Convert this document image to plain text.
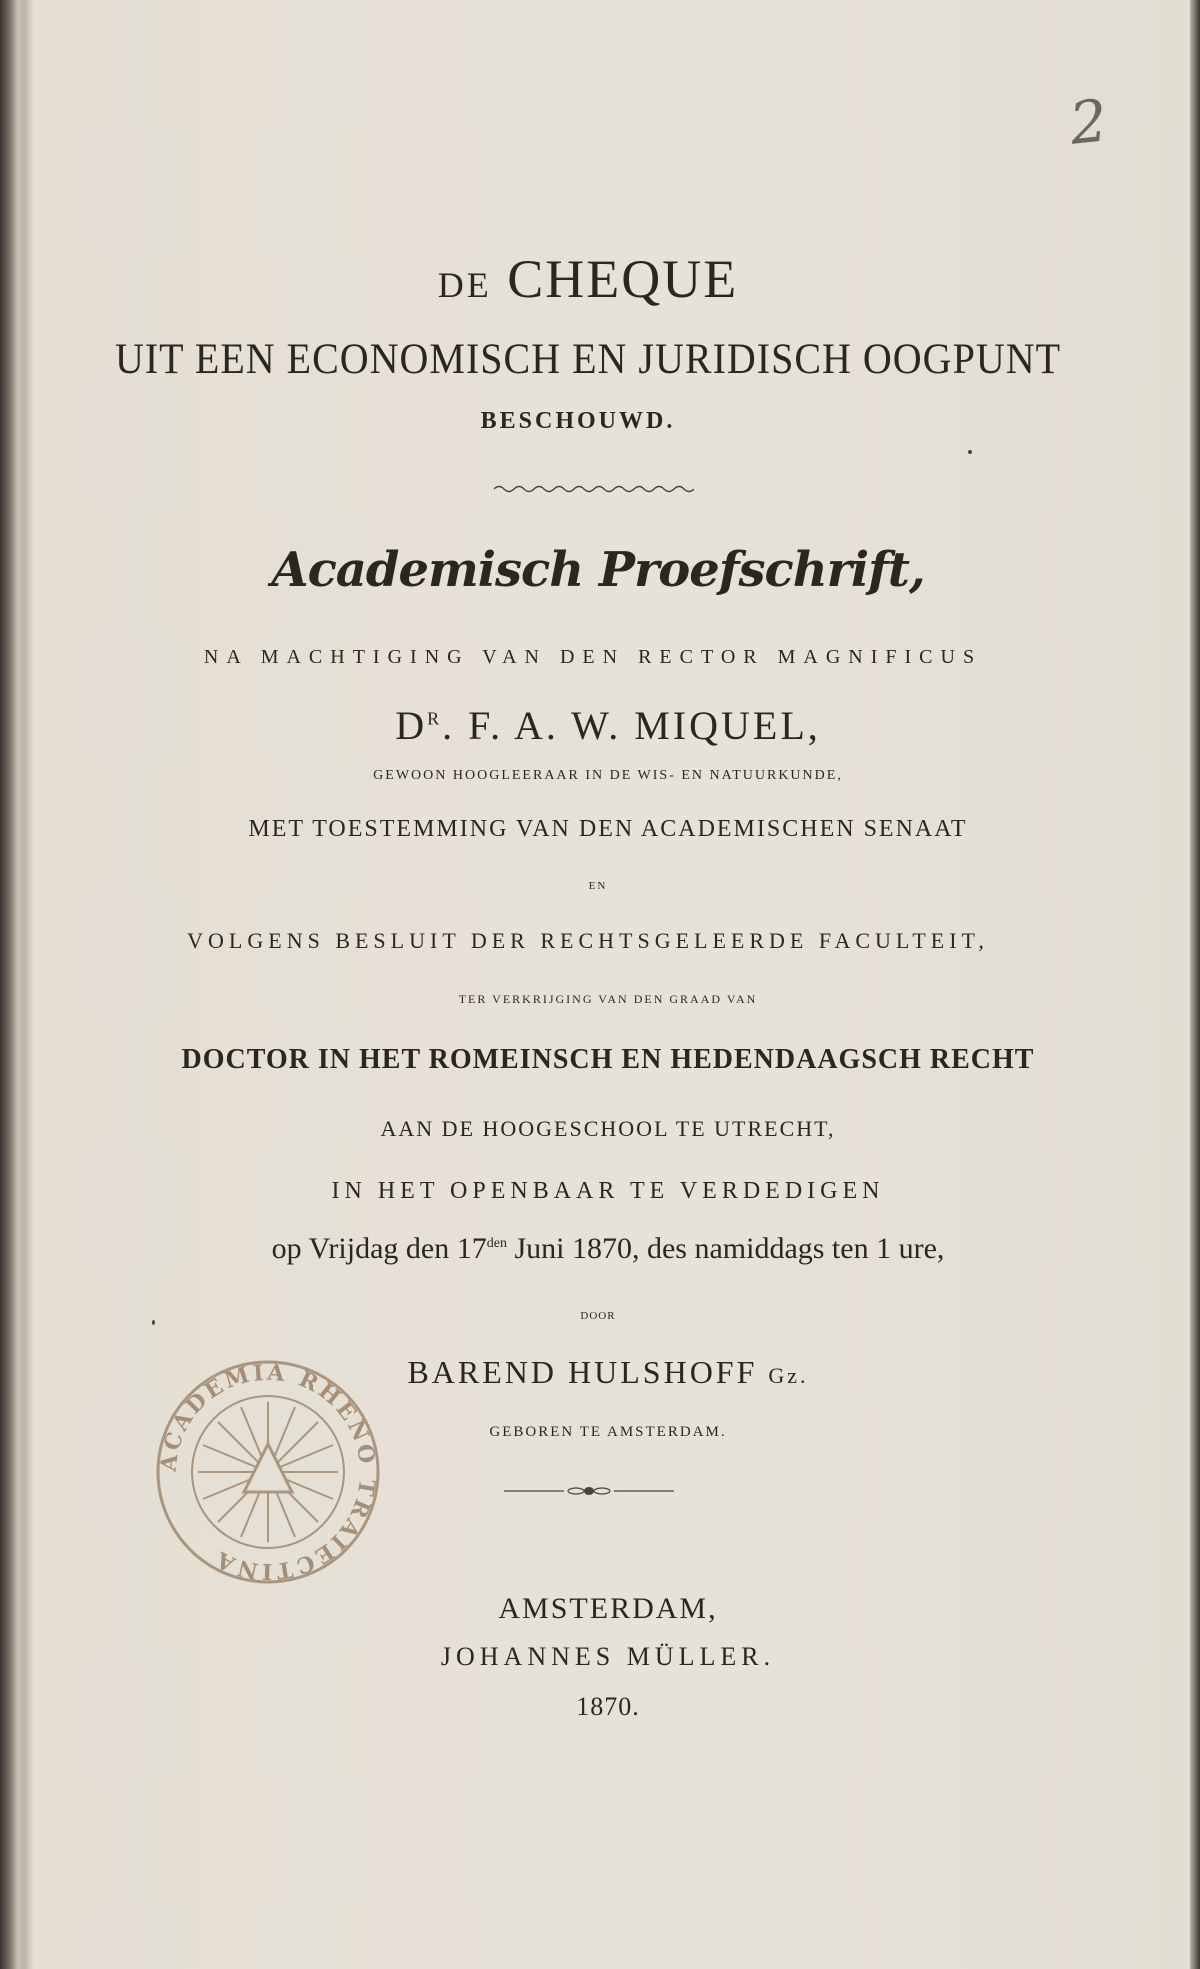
2
DE CHEQUE
UIT EEN ECONOMISCH EN JURIDISCH OOGPUNT
BESCHOUWD.
Academisch Proefschrift,
NA MACHTIGING VAN DEN RECTOR MAGNIFICUS
$D^R$. F. A. W. MIQUEL,
GEWOON HOOGLEERAAR IN DE WIS- EN NATUURKUNDE,
MET TOESTEMMING VAN DEN ACADEMISCHEN SENAAT
EN
VOLGENS BESLUIT DER RECHTSGELEERDE FACULTEIT,
TER VERKRIJGING VAN DEN GRAAD VAN
DOCTOR IN HET ROMEINSCH EN HEDENDAAGSCH RECHT
AAN DE HOOGESCHOOL TE UTRECHT,
IN HET OPENBAAR TE VERDEDIGEN
op Vrijdag den $17^{den}$ Juni 1870, des namiddags ten 1 ure,
DOOR
BAREND HULSHOFF Gz.
GEBOREN TE AMSTERDAM.
AMSTERDAM,
JOHANNES MÜLLER.
1870.
ACADEMIA RHENO TRAIECTINA
